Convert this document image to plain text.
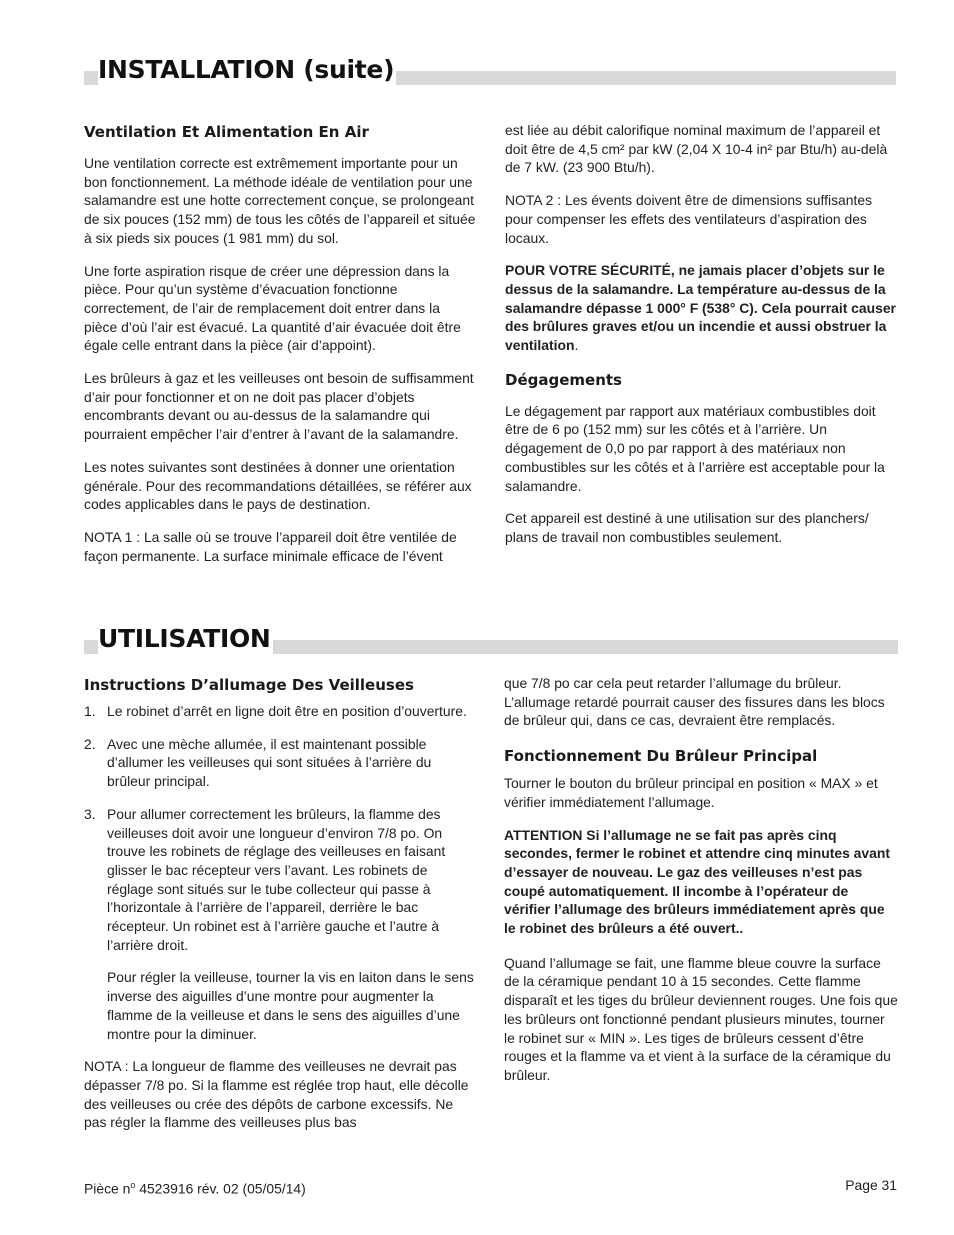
INSTALLATION (suite)
Ventilation Et Alimentation En Air

Une ventilation correcte est extrêmement importante pour un bon fonctionnement. La méthode idéale de ventilation pour une salamandre est une hotte correctement conçue, se prolongeant de six pouces (152 mm) de tous les côtés de l’appareil et située à six pieds six pouces (1 981 mm) du sol.

Une forte aspiration risque de créer une dépression dans la pièce. Pour qu’un système d’évacuation fonctionne correctement, de l’air de remplacement doit entrer dans la pièce d’où l’air est évacué. La quantité d’air évacuée doit être égale celle entrant dans la pièce (air d’appoint).

Les brûleurs à gaz et les veilleuses ont besoin de suffisamment d’air pour fonctionner et on ne doit pas placer d’objets encombrants devant ou au-dessus de la salamandre qui pourraient empêcher l’air d’entrer à l’avant de la salamandre.

Les notes suivantes sont destinées à donner une orientation générale. Pour des recommandations détaillées, se référer aux codes applicables dans le pays de destination.

NOTA 1 : La salle où se trouve l’appareil doit être ventilée de façon permanente. La surface minimale efficace de l’évent

est liée au débit calorifique nominal maximum de l’appareil et doit être de 4,5 cm² par kW (2,04 X 10-4 in² par Btu/h) au-delà de 7 kW. (23 900 Btu/h).

NOTA 2 : Les évents doivent être de dimensions suffisantes pour compenser les effets des ventilateurs d’aspiration des locaux.

POUR VOTRE SÉCURITÉ, ne jamais placer d’objets sur le dessus de la salamandre. La température au-dessus de la salamandre dépasse 1 000° F (538° C). Cela pourrait causer des brûlures graves et/ou un incendie et aussi obstruer la ventilation.

Dégagements

Le dégagement par rapport aux matériaux combustibles doit être de 6 po (152 mm) sur les côtés et à l’arrière. Un dégagement de 0,0 po par rapport à des matériaux non combustibles sur les côtés et à l’arrière est acceptable pour la salamandre.

Cet appareil est destiné à une utilisation sur des planchers/ plans de travail non combustibles seulement.

UTILISATION
Instructions D’allumage Des Veilleuses
1. Le robinet d’arrêt en ligne doit être en position d’ouverture.

2. Avec une mèche allumée, il est maintenant possible d’allumer les veilleuses qui sont situées à l’arrière du brûleur principal.

3. Pour allumer correctement les brûleurs, la flamme des veilleuses doit avoir une longueur d’environ 7/8 po. On trouve les robinets de réglage des veilleuses en faisant glisser le bac récepteur vers l’avant. Les robinets de réglage sont situés sur le tube collecteur qui passe à l’horizontale à l’arrière de l’appareil, derrière le bac récepteur. Un robinet est à l’arrière gauche et l’autre à l’arrière droit.

Pour régler la veilleuse, tourner la vis en laiton dans le sens inverse des aiguilles d’une montre pour augmenter la flamme de la veilleuse et dans le sens des aiguilles d’une montre pour la diminuer.

NOTA : La longueur de flamme des veilleuses ne devrait pas dépasser 7/8 po. Si la flamme est réglée trop haut, elle décolle des veilleuses ou crée des dépôts de carbone excessifs. Ne pas régler la flamme des veilleuses plus bas

que 7/8 po car cela peut retarder l’allumage du brûleur. L’allumage retardé pourrait causer des fissures dans les blocs de brûleur qui, dans ce cas, devraient être remplacés.

Fonctionnement Du Brûleur Principal

Tourner le bouton du brûleur principal en position « MAX » et vérifier immédiatement l’allumage.

ATTENTION Si l’allumage ne se fait pas après cinq secondes, fermer le robinet et attendre cinq minutes avant d’essayer de nouveau. Le gaz des veilleuses n’est pas coupé automatiquement. Il incombe à l’opérateur de vérifier l’allumage des brûleurs immédiatement après que le robinet des brûleurs a été ouvert..

Quand l’allumage se fait, une flamme bleue couvre la surface de la céramique pendant 10 à 15 secondes. Cette flamme disparaît et les tiges du brûleur deviennent rouges. Une fois que les brûleurs ont fonctionné pendant plusieurs minutes, tourner le robinet sur « MIN ». Les tiges de brûleurs cessent d’être rouges et la flamme va et vient à la surface de la céramique du brûleur.

Pièce $n^o$ 4523916 rév. 02 (05/05/14)	Page 31
